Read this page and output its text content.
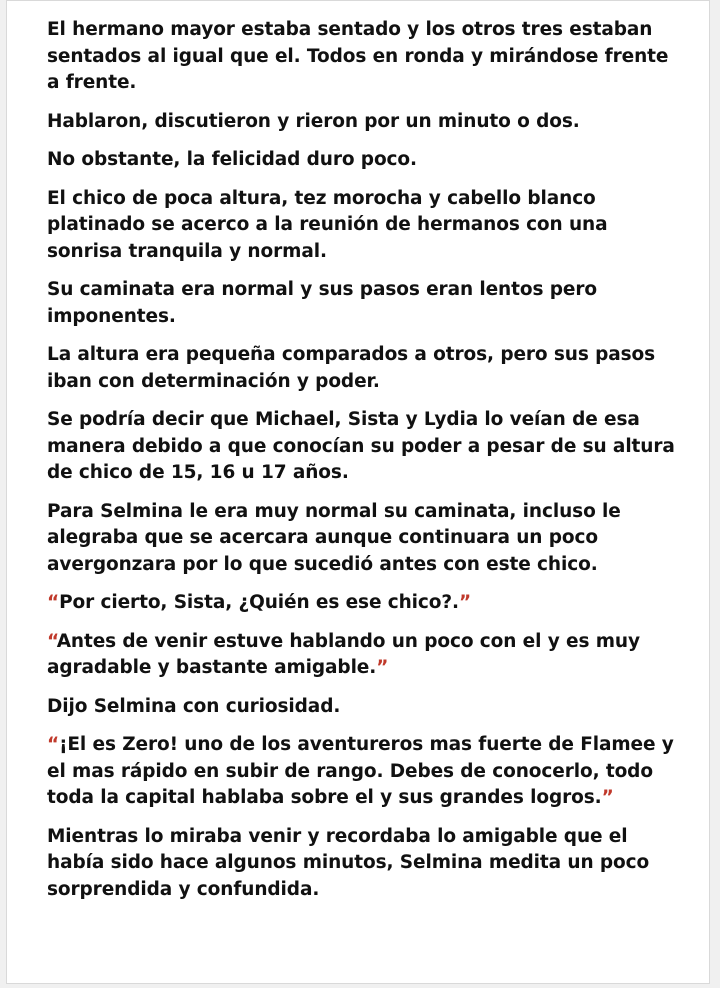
El hermano mayor estaba sentado y los otros tres estaban sentados al igual que el. Todos en ronda y mirándose frente a frente.

Hablaron, discutieron y rieron por un minuto o dos.

No obstante, la felicidad duro poco.

El chico de poca altura, tez morocha y cabello blanco platinado se acerco a la reunión de hermanos con una sonrisa tranquila y normal.

Su caminata era normal y sus pasos eran lentos pero imponentes.

La altura era pequeña comparados a otros, pero sus pasos iban con determinación y poder.

Se podría decir que Michael, Sista y Lydia lo veían de esa manera debido a que conocían su poder a pesar de su altura de chico de 15, 16 u 17 años.

Para Selmina le era muy normal su caminata, incluso le alegraba que se acercara aunque continuara un poco avergonzara por lo que sucedió antes con este chico.

“Por cierto, Sista, ¿Quién es ese chico?.”

“Antes de venir estuve hablando un poco con el y es muy agradable y bastante amigable.”

Dijo Selmina con curiosidad.

“¡El es Zero! uno de los aventureros mas fuerte de Flamee y el mas rápido en subir de rango. Debes de conocerlo, todo toda la capital hablaba sobre el y sus grandes logros.”

Mientras lo miraba venir y recordaba lo amigable que el había sido hace algunos minutos, Selmina medita un poco sorprendida y confundida.
